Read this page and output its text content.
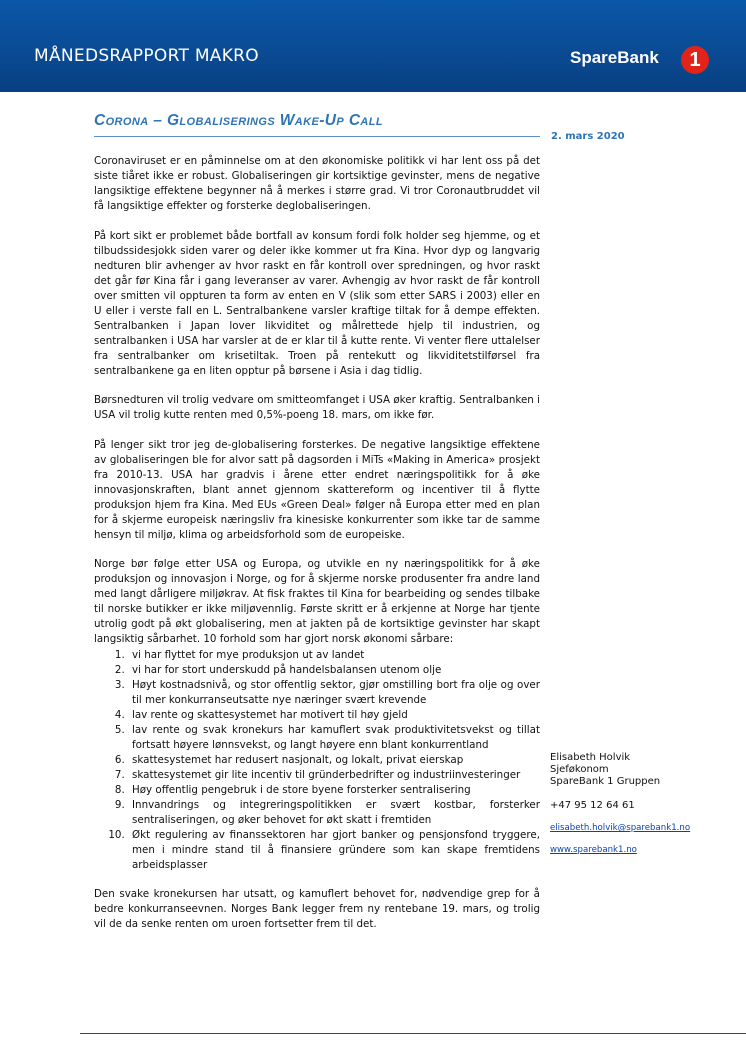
MÅNEDSRAPPORT MAKRO	SpareBank	1
Corona – Globaliserings Wake-Up Call
2. mars 2020

Coronaviruset er en påminnelse om at den økonomiske politikk vi har lent oss på det siste tiåret ikke er robust. Globaliseringen gir kortsiktige gevinster, mens de negative langsiktige effektene begynner nå å merkes i større grad. Vi tror Coronautbruddet vil få langsiktige effekter og forsterke deglobaliseringen.

På kort sikt er problemet både bortfall av konsum fordi folk holder seg hjemme, og et tilbudssidesjokk siden varer og deler ikke kommer ut fra Kina. Hvor dyp og langvarig nedturen blir avhenger av hvor raskt en får kontroll over spredningen, og hvor raskt det går før Kina får i gang leveranser av varer. Avhengig av hvor raskt de får kontroll over smitten vil oppturen ta form av enten en V (slik som etter SARS i 2003) eller en U eller i verste fall en L. Sentralbankene varsler kraftige tiltak for å dempe effekten. Sentralbanken i Japan lover likviditet og målrettede hjelp til industrien, og sentralbanken i USA har varsler at de er klar til å kutte rente. Vi venter flere uttalelser fra sentralbanker om krisetiltak. Troen på rentekutt og likviditetstilførsel fra sentralbankene ga en liten opptur på børsene i Asia i dag tidlig.

Børsnedturen vil trolig vedvare om smitteomfanget i USA øker kraftig. Sentralbanken i USA vil trolig kutte renten med 0,5%-poeng 18. mars, om ikke før.

På lenger sikt tror jeg de-globalisering forsterkes. De negative langsiktige effektene av globaliseringen ble for alvor satt på dagsorden i MiTs «Making in America» prosjekt fra 2010-13. USA har gradvis i årene etter endret næringspolitikk for å øke innovasjonskraften, blant annet gjennom skattereform og incentiver til å flytte produksjon hjem fra Kina. Med EUs «Green Deal» følger nå Europa etter med en plan for å skjerme europeisk næringsliv fra kinesiske konkurrenter som ikke tar de samme hensyn til miljø, klima og arbeidsforhold som de europeiske.

Norge bør følge etter USA og Europa, og utvikle en ny næringspolitikk for å øke produksjon og innovasjon i Norge, og for å skjerme norske produsenter fra andre land med langt dårligere miljøkrav. At fisk fraktes til Kina for bearbeiding og sendes tilbake til norske butikker er ikke miljøvennlig. Første skritt er å erkjenne at Norge har tjente utrolig godt på økt globalisering, men at jakten på de kortsiktige gevinster har skapt langsiktig sårbarhet. 10 forhold som har gjort norsk økonomi sårbare:

1. vi har flyttet for mye produksjon ut av landet
2. vi har for stort underskudd på handelsbalansen utenom olje
3. Høyt kostnadsnivå, og stor offentlig sektor, gjør omstilling bort fra olje og over til mer konkurranseutsatte nye næringer svært krevende
4. lav rente og skattesystemet har motivert til høy gjeld
5. lav rente og svak kronekurs har kamuflert svak produktivitetsvekst og tillat fortsatt høyere lønnsvekst, og langt høyere enn blant konkurrentland
6. skattesystemet har redusert nasjonalt, og lokalt, privat eierskap
7. skattesystemet gir lite incentiv til gründerbedrifter og industriinvesteringer
8. Høy offentlig pengebruk i de store byene forsterker sentralisering
9. Innvandrings og integreringspolitikken er svært kostbar, forsterker sentraliseringen, og øker behovet for økt skatt i fremtiden
10. Økt regulering av finanssektoren har gjort banker og pensjonsfond tryggere, men i mindre stand til å finansiere gründere som kan skape fremtidens arbeidsplasser

Den svake kronekursen har utsatt, og kamuflert behovet for, nødvendige grep for å bedre konkurranseevnen. Norges Bank legger frem ny rentebane 19. mars, og trolig vil de da senke renten om uroen fortsetter frem til det.

Elisabeth Holvik
Sjeføkonom
SpareBank 1 Gruppen
+47 95 12 64 61
elisabeth.holvik@sparebank1.no
www.sparebank1.no
